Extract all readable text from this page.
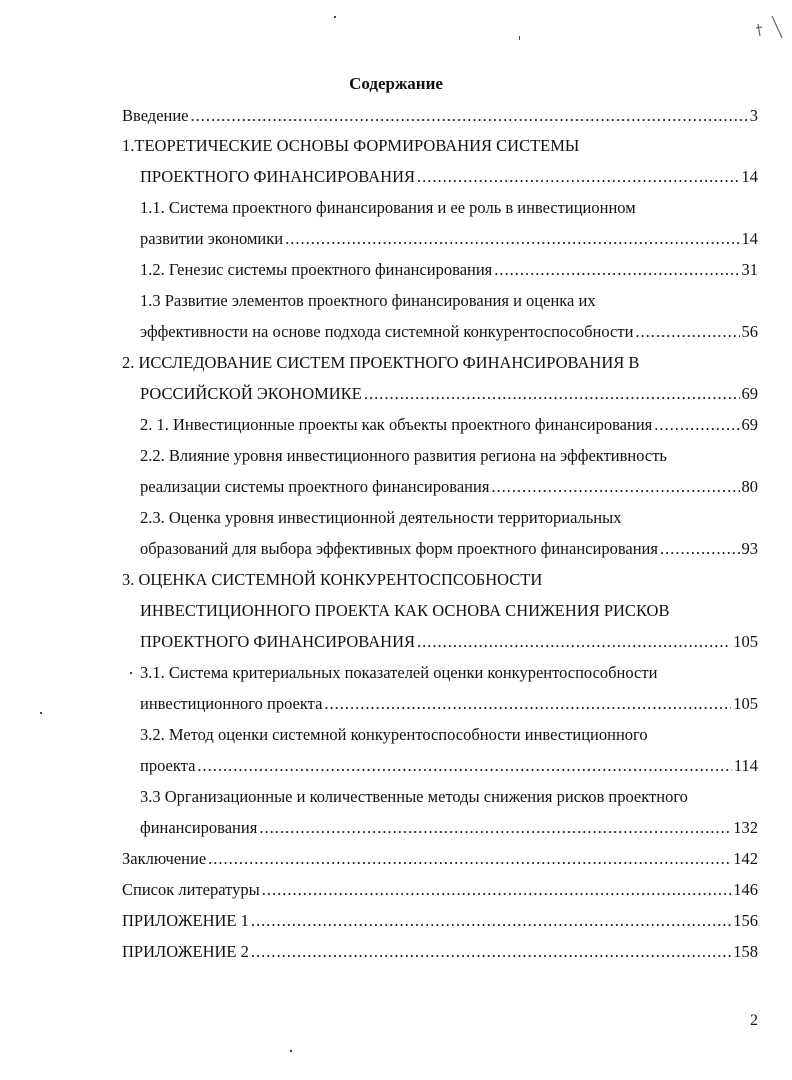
Содержание
Введение .....	3
1.ТЕОРЕТИЧЕСКИЕ ОСНОВЫ ФОРМИРОВАНИЯ СИСТЕМЫ
ПРОЕКТНОГО ФИНАНСИРОВАНИЯ .....	14
1.1. Система проектного финансирования и ее роль в инвестиционном
развитии экономики .....	14
1.2. Генезис системы проектного финансирования .....	31
1.3 Развитие элементов проектного финансирования и оценка их
эффективности на основе подхода системной конкурентоспособности .....	56
2. ИССЛЕДОВАНИЕ СИСТЕМ ПРОЕКТНОГО ФИНАНСИРОВАНИЯ В
РОССИЙСКОЙ ЭКОНОМИКЕ .....	69
2. 1. Инвестиционные проекты как объекты проектного финансирования .....	69
2.2. Влияние уровня инвестиционного развития региона на эффективность
реализации системы проектного финансирования .....	80
2.3. Оценка уровня инвестиционной деятельности территориальных
образований для выбора эффективных форм проектного финансирования .....	93
3. ОЦЕНКА СИСТЕМНОЙ КОНКУРЕНТОСПСОБНОСТИ
ИНВЕСТИЦИОННОГО ПРОЕКТА КАК ОСНОВА СНИЖЕНИЯ РИСКОВ
ПРОЕКТНОГО ФИНАНСИРОВАНИЯ .....	105
3.1. Система критериальных показателей оценки конкурентоспособности
инвестиционного проекта .....	105
3.2. Метод оценки системной конкурентоспособности инвестиционного
проекта .....	114
3.3 Организационные и количественные методы снижения рисков проектного
финансирования .....	132
Заключение .....	142
Список литературы .....	146
ПРИЛОЖЕНИЕ 1 .....	156
ПРИЛОЖЕНИЕ 2 .....	158
2
